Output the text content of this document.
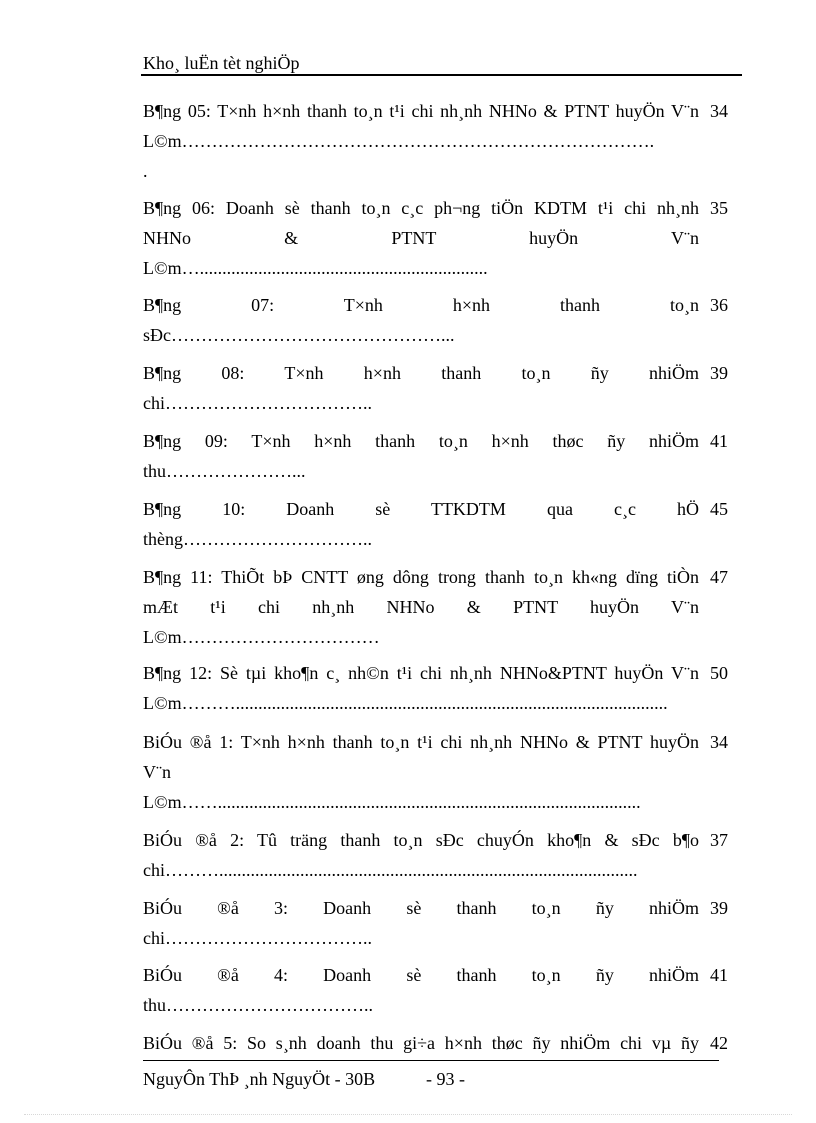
Kho¸ luËn tèt nghiÖp
B¶ng 05: T×nh h×nh thanh to¸n t¹i chi nh¸nh NHNo & PTNT huyÖn V¨n
L©m…………………………………………………………………….
.
34
B¶ng 06: Doanh sè thanh to¸n c¸c ph¬ng tiÖn KDTM t¹i chi nh¸nh
NHNo & PTNT huyÖn V¨n
L©m…................................................................
35
B¶ng 07: T×nh h×nh thanh to¸n
sÐc………………………………………...
36
B¶ng 08: T×nh h×nh thanh to¸n ñy nhiÖm
chi……………………………..
39
B¶ng 09: T×nh h×nh thanh to¸n h×nh thøc ñy nhiÖm
thu…………………...
41
B¶ng 10: Doanh sè TTKDTM qua c¸c hÖ
thèng…………………………..
45
B¶ng 11: ThiÕt bÞ CNTT øng dông trong thanh to¸n kh«ng dïng tiÒn
mÆt t¹i chi nh¸nh NHNo & PTNT huyÖn V¨n
L©m……………………………
47
B¶ng 12: Sè tµi kho¶n c¸ nh©n t¹i chi nh¸nh NHNo&PTNT huyÖn V¨n
L©m………................................................................................................
50
BiÓu ®å 1: T×nh h×nh thanh to¸n t¹i chi nh¸nh NHNo & PTNT huyÖn
V¨n
L©m……..............................................................................................
34
BiÓu ®å 2: Tû träng thanh to¸n sÐc chuyÓn kho¶n & sÐc b¶o
chi……….............................................................................................
37
BiÓu ®å 3: Doanh sè thanh to¸n ñy nhiÖm
chi……………………………..
39
BiÓu ®å 4: Doanh sè thanh to¸n ñy nhiÖm
thu……………………………..
41
BiÓu ®å 5: So s¸nh doanh thu gi÷a h×nh thøc ñy nhiÖm chi vµ ñy 42
NguyÔn ThÞ ¸nh NguyÖt - 30B	- 93 -
